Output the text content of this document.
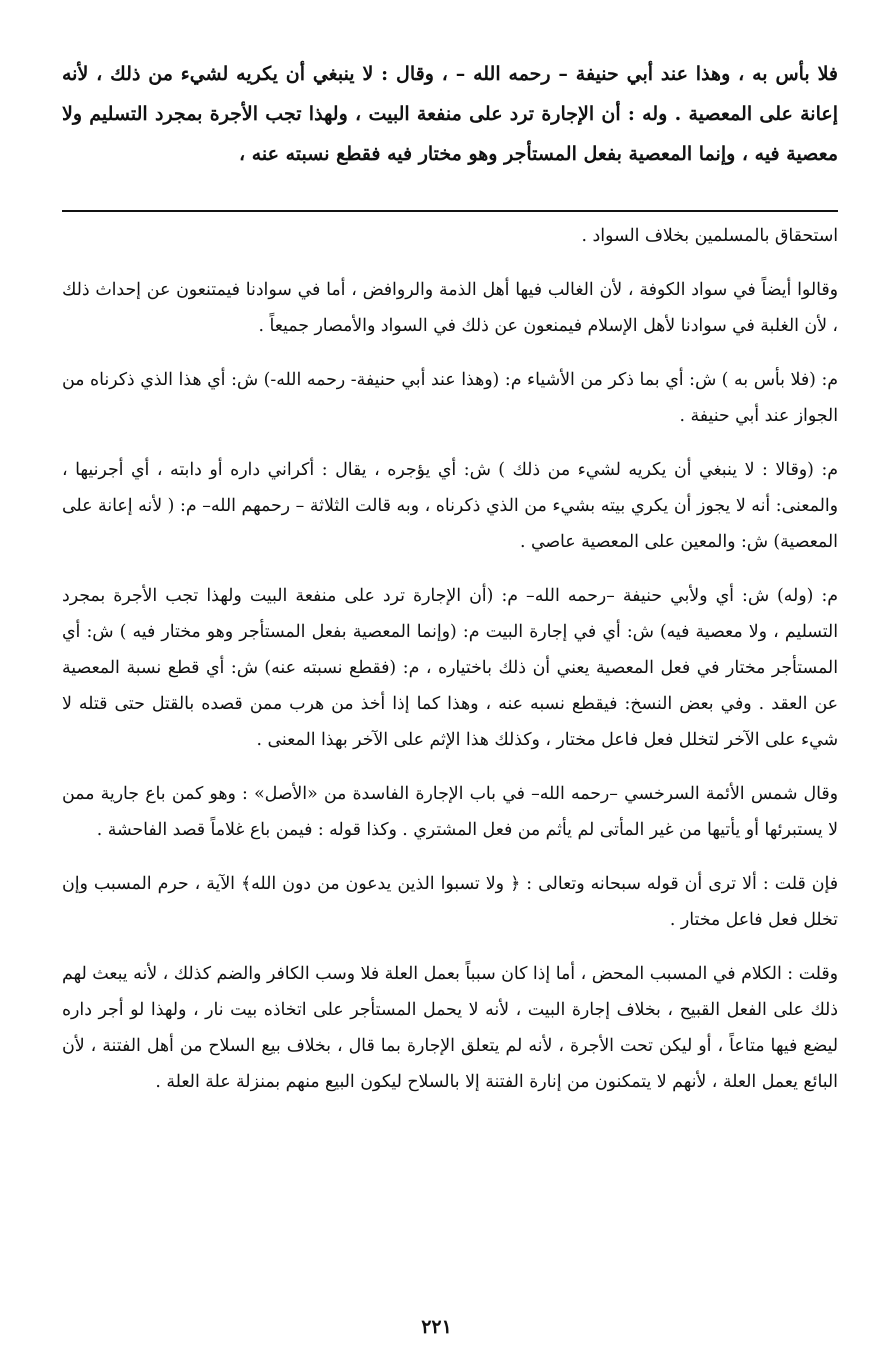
فلا بأس به ، وهذا عند أبي حنيفة – رحمه الله – ، وقال : لا ينبغي أن يكريه لشيء من ذلك ، لأنه إعانة على المعصية . وله : أن الإجارة ترد على منفعة البيت ، ولهذا تجب الأجرة بمجرد التسليم ولا معصية فيه ، وإنما المعصية بفعل المستأجر وهو مختار فيه فقطع نسبته عنه ،

استحقاق بالمسلمين بخلاف السواد .

وقالوا أيضاً في سواد الكوفة ، لأن الغالب فيها أهل الذمة والروافض ، أما في سوادنا فيمتنعون عن إحداث ذلك ، لأن الغلبة في سوادنا لأهل الإسلام فيمنعون عن ذلك في السواد والأمصار جميعاً .

م: (فلا بأس به ) ش: أي بما ذكر من الأشياء م: (وهذا عند أبي حنيفة- رحمه الله-) ش: أي هذا الذي ذكرناه من الجواز عند أبي حنيفة .

م: (وقالا : لا ينبغي أن يكريه لشيء من ذلك ) ش: أي يؤجره ، يقال : أكراني داره أو دابته ، أي أجرنيها ، والمعنى: أنه لا يجوز أن يكري بيته بشيء من الذي ذكرناه ، وبه قالت الثلاثة – رحمهم الله– م: ( لأنه إعانة على المعصية) ش: والمعين على المعصية عاصي .

م: (وله) ش: أي ولأبي حنيفة –رحمه الله– م: (أن الإجارة ترد على منفعة البيت ولهذا تجب الأجرة بمجرد التسليم ، ولا معصية فيه) ش: أي في إجارة البيت م: (وإنما المعصية بفعل المستأجر وهو مختار فيه ) ش: أي المستأجر مختار في فعل المعصية يعني أن ذلك باختياره ، م: (فقطع نسبته عنه) ش: أي قطع نسبة المعصية عن العقد . وفي بعض النسخ: فيقطع نسبه عنه ، وهذا كما إذا أخذ من هرب ممن قصده بالقتل حتى قتله لا شيء على الآخر لتخلل فعل فاعل مختار ، وكذلك هذا الإثم على الآخر بهذا المعنى .

وقال شمس الأئمة السرخسي –رحمه الله– في باب الإجارة الفاسدة من «الأصل» : وهو كمن باع جارية ممن لا يستبرئها أو يأتيها من غير المأتى لم يأثم من فعل المشتري . وكذا قوله : فيمن باع غلاماً قصد الفاحشة .

فإن قلت : ألا ترى أن قوله سبحانه وتعالى : ﴿ ولا تسبوا الذين يدعون من دون الله﴾ الآية ، حرم المسبب وإن تخلل فعل فاعل مختار .

وقلت : الكلام في المسبب المحض ، أما إذا كان سبباً بعمل العلة فلا وسب الكافر والضم كذلك ، لأنه يبعث لهم ذلك على الفعل القبيح ، بخلاف إجارة البيت ، لأنه لا يحمل المستأجر على اتخاذه بيت نار ، ولهذا لو أجر داره ليضع فيها متاعاً ، أو ليكن تحت الأجرة ، لأنه لم يتعلق الإجارة بما قال ، بخلاف بيع السلاح من أهل الفتنة ، لأن البائع يعمل العلة ، لأنهم لا يتمكنون من إنارة الفتنة إلا بالسلاح ليكون البيع منهم بمنزلة علة العلة .

٢٢١
